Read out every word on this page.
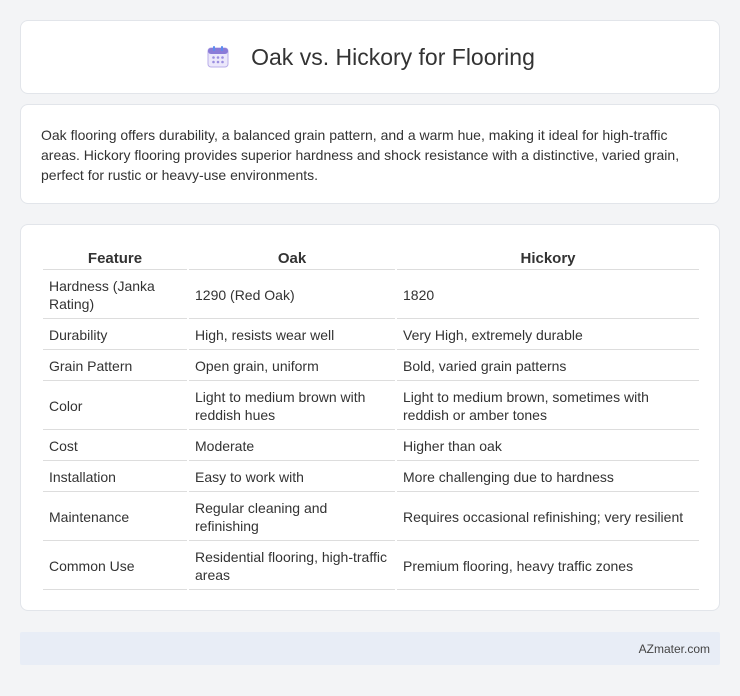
Oak vs. Hickory for Flooring

Oak flooring offers durability, a balanced grain pattern, and a warm hue, making it ideal for high-traffic areas. Hickory flooring provides superior hardness and shock resistance with a distinctive, varied grain, perfect for rustic or heavy-use environments.

Feature	Oak	Hickory
Hardness (Janka Rating)	1290 (Red Oak)	1820
Durability	High, resists wear well	Very High, extremely durable
Grain Pattern	Open grain, uniform	Bold, varied grain patterns
Color	Light to medium brown with reddish hues	Light to medium brown, sometimes with reddish or amber tones
Cost	Moderate	Higher than oak
Installation	Easy to work with	More challenging due to hardness
Maintenance	Regular cleaning and refinishing	Requires occasional refinishing; very resilient
Common Use	Residential flooring, high-traffic areas	Premium flooring, heavy traffic zones
AZmater.com
